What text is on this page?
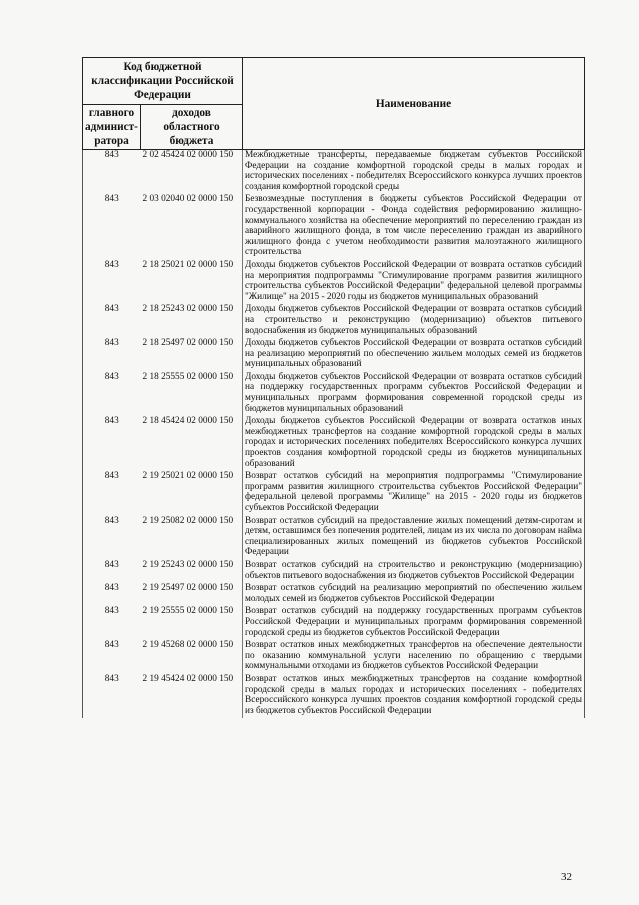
Код бюджетной классификации Российской Федерации		Наименование
главного админист-ратора	доходов областного бюджета	
843	2 02 45424 02 0000 150	Межбюджетные трансферты, передаваемые бюджетам субъектов Российской Федерации на создание комфортной городской среды в малых городах и исторических поселениях - победителях Всероссийского конкурса лучших проектов создания комфортной городской среды
843	2 03 02040 02 0000 150	Безвозмездные поступления в бюджеты субъектов Российской Федерации от государственной корпорации - Фонда содействия реформированию жилищно-коммунального хозяйства на обеспечение мероприятий по переселению граждан из аварийного жилищного фонда, в том числе переселению граждан из аварийного жилищного фонда с учетом необходимости развития малоэтажного жилищного строительства
843	2 18 25021 02 0000 150	Доходы бюджетов субъектов Российской Федерации от возврата остатков субсидий на мероприятия подпрограммы "Стимулирование программ развития жилищного строительства субъектов Российской Федерации" федеральной целевой программы "Жилище" на 2015 - 2020 годы из бюджетов муниципальных образований
843	2 18 25243 02 0000 150	Доходы бюджетов субъектов Российской Федерации от возврата остатков субсидий на строительство и реконструкцию (модернизацию) объектов питьевого водоснабжения из бюджетов муниципальных образований
843	2 18 25497 02 0000 150	Доходы бюджетов субъектов Российской Федерации от возврата остатков субсидий на реализацию мероприятий по обеспечению жильем молодых семей из бюджетов муниципальных образований
843	2 18 25555 02 0000 150	Доходы бюджетов субъектов Российской Федерации от возврата остатков субсидий на поддержку государственных программ субъектов Российской Федерации и муниципальных программ формирования современной городской среды из бюджетов муниципальных образований
843	2 18 45424 02 0000 150	Доходы бюджетов субъектов Российской Федерации от возврата остатков иных межбюджетных трансфертов на создание комфортной городской среды в малых городах и исторических поселениях победителях Всероссийского конкурса лучших проектов создания комфортной городской среды из бюджетов муниципальных образований
843	2 19 25021 02 0000 150	Возврат остатков субсидий на мероприятия подпрограммы "Стимулирование программ развития жилищного строительства субъектов Российской Федерации" федеральной целевой программы "Жилище" на 2015 - 2020 годы из бюджетов субъектов Российской Федерации
843	2 19 25082 02 0000 150	Возврат остатков субсидий на предоставление жилых помещений детям-сиротам и детям, оставшимся без попечения родителей, лицам из их числа по договорам найма специализированных жилых помещений из бюджетов субъектов Российской Федерации
843	2 19 25243 02 0000 150	Возврат остатков субсидий на строительство и реконструкцию (модернизацию) объектов питьевого водоснабжения из бюджетов субъектов Российской Федерации
843	2 19 25497 02 0000 150	Возврат остатков субсидий на реализацию мероприятий по обеспечению жильем молодых семей из бюджетов субъектов Российской Федерации
843	2 19 25555 02 0000 150	Возврат остатков субсидий на поддержку государственных программ субъектов Российской Федерации и муниципальных программ формирования современной городской среды из бюджетов субъектов Российской Федерации
843	2 19 45268 02 0000 150	Возврат остатков иных межбюджетных трансфертов на обеспечение деятельности по оказанию коммунальной услуги населению по обращению с твердыми коммунальными отходами из бюджетов субъектов Российской Федерации
843	2 19 45424 02 0000 150	Возврат остатков иных межбюджетных трансфертов на создание комфортной городской среды в малых городах и исторических поселениях - победителях Всероссийского конкурса лучших проектов создания комфортной городской среды из бюджетов субъектов Российской Федерации
32
